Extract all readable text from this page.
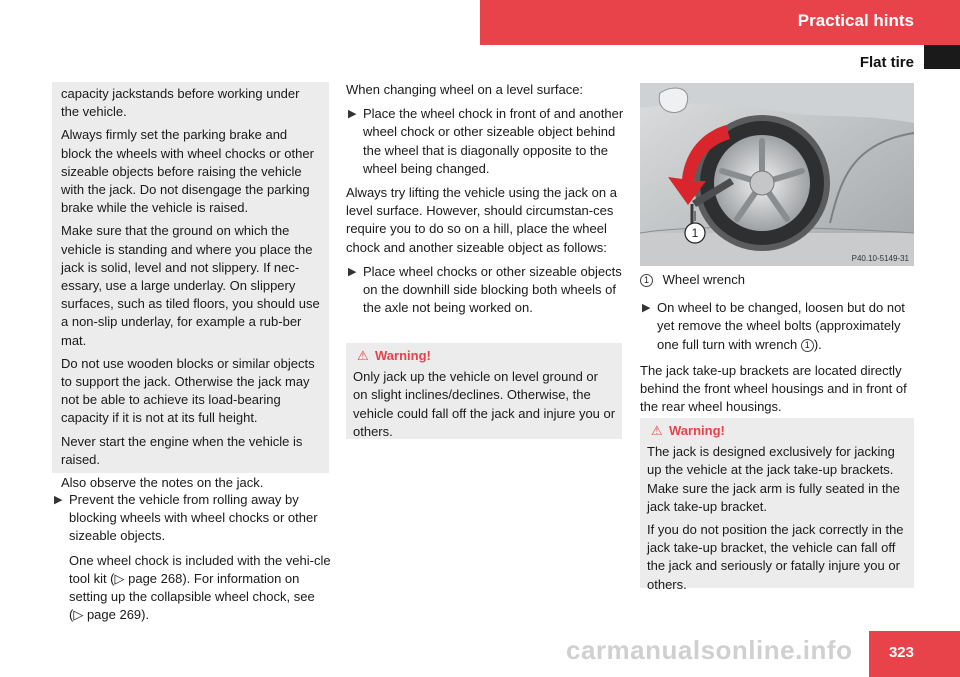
Practical hints
Flat tire

capacity jackstands before working under the vehicle.

Always firmly set the parking brake and block the wheels with wheel chocks or other sizeable objects before raising the vehicle with the jack. Do not disengage the parking brake while the vehicle is raised.

Make sure that the ground on which the vehicle is standing and where you place the jack is solid, level and not slippery. If nec-essary, use a large underlay. On slippery surfaces, such as tiled floors, you should use a non-slip underlay, for example a rub-ber mat.

Do not use wooden blocks or similar objects to support the jack. Otherwise the jack may not be able to achieve its load-bearing capacity if it is not at its full height.

Never start the engine when the vehicle is raised.

Also observe the notes on the jack.

▶ Prevent the vehicle from rolling away by blocking wheels with wheel chocks or other sizeable objects.
One wheel chock is included with the vehi-cle tool kit (▷ page 268). For information on setting up the collapsible wheel chock, see (▷ page 269).

When changing wheel on a level surface:

▶ Place the wheel chock in front of and another wheel chock or other sizeable object behind the wheel that is diagonally opposite to the wheel being changed.

Always try lifting the vehicle using the jack on a level surface. However, should circumstan-ces require you to do so on a hill, place the wheel chock and another sizeable object as follows:

▶ Place wheel chocks or other sizeable objects on the downhill side blocking both wheels of the axle not being worked on.
⚠ Warning!

Only jack up the vehicle on level ground or on slight inclines/declines. Otherwise, the vehicle could fall off the jack and injure you or others.

1
P40.10-5149-31

1 Wheel wrench

▶ On wheel to be changed, loosen but do not yet remove the wheel bolts (approximately one full turn with wrench 1 ).

The jack take-up brackets are located directly behind the front wheel housings and in front of the rear wheel housings.

⚠ Warning!

The jack is designed exclusively for jacking up the vehicle at the jack take-up brackets. Make sure the jack arm is fully seated in the jack take-up bracket.

If you do not position the jack correctly in the jack take-up bracket, the vehicle can fall off the jack and seriously or fatally injure you or others.

323
carmanualsonline.info
